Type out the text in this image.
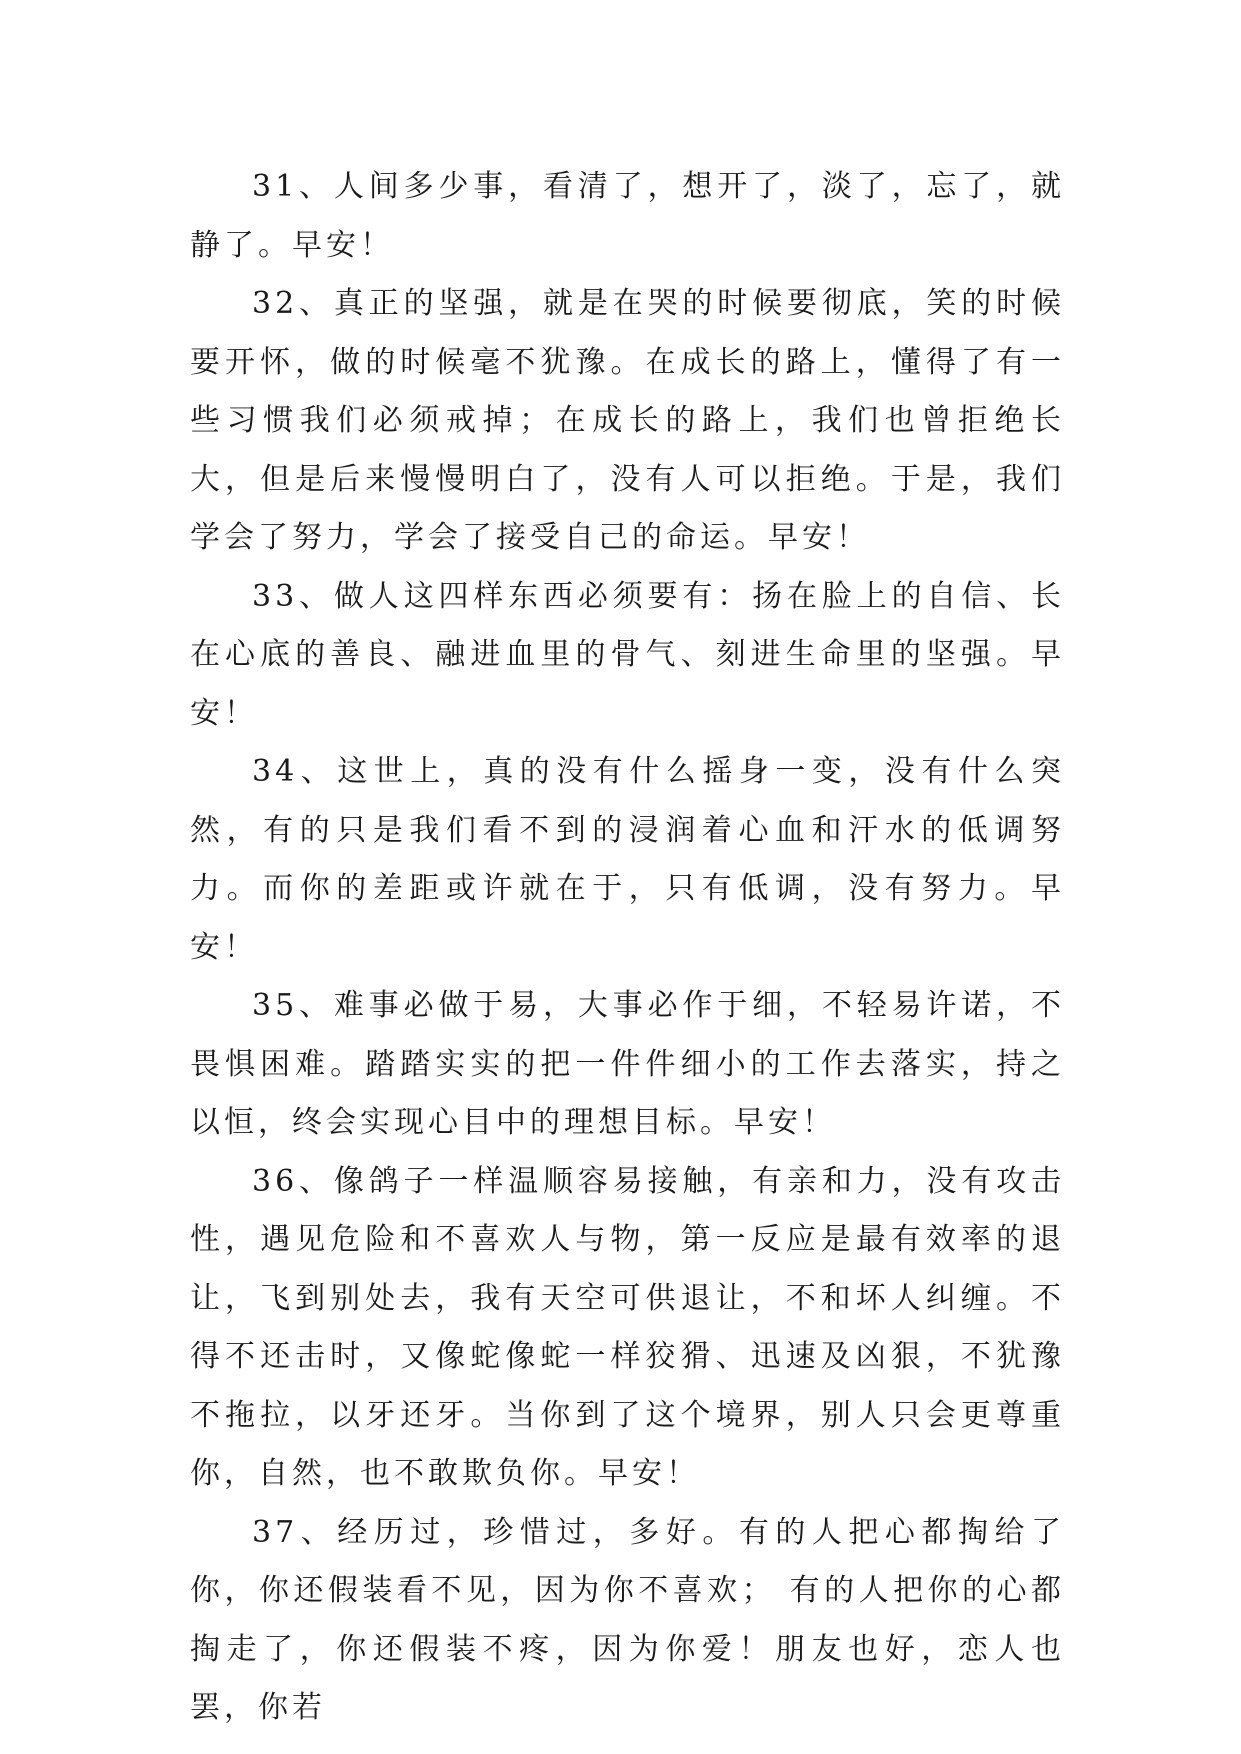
31、人间多少事，看清了，想开了，淡了，忘了，就静了。早安！

32、真正的坚强，就是在哭的时候要彻底，笑的时候要开怀，做的时候毫不犹豫。在成长的路上，懂得了有一些习惯我们必须戒掉；在成长的路上，我们也曾拒绝长大，但是后来慢慢明白了，没有人可以拒绝。于是，我们学会了努力，学会了接受自己的命运。早安！

33、做人这四样东西必须要有：扬在脸上的自信、长在心底的善良、融进血里的骨气、刻进生命里的坚强。早安！

34、这世上，真的没有什么摇身一变，没有什么突然，有的只是我们看不到的浸润着心血和汗水的低调努力。而你的差距或许就在于，只有低调，没有努力。早安！

35、难事必做于易，大事必作于细，不轻易许诺，不畏惧困难。踏踏实实的把一件件细小的工作去落实，持之以恒，终会实现心目中的理想目标。早安！

36、像鸽子一样温顺容易接触，有亲和力，没有攻击性，遇见危险和不喜欢人与物，第一反应是最有效率的退让，飞到别处去，我有天空可供退让，不和坏人纠缠。不得不还击时，又像蛇像蛇一样狡猾、迅速及凶狠，不犹豫不拖拉，以牙还牙。当你到了这个境界，别人只会更尊重你，自然，也不敢欺负你。早安！

37、经历过，珍惜过，多好。有的人把心都掏给了你，你还假装看不见，因为你不喜欢； 有的人把你的心都掏走了，你还假装不疼，因为你爱！朋友也好，恋人也罢，你若
